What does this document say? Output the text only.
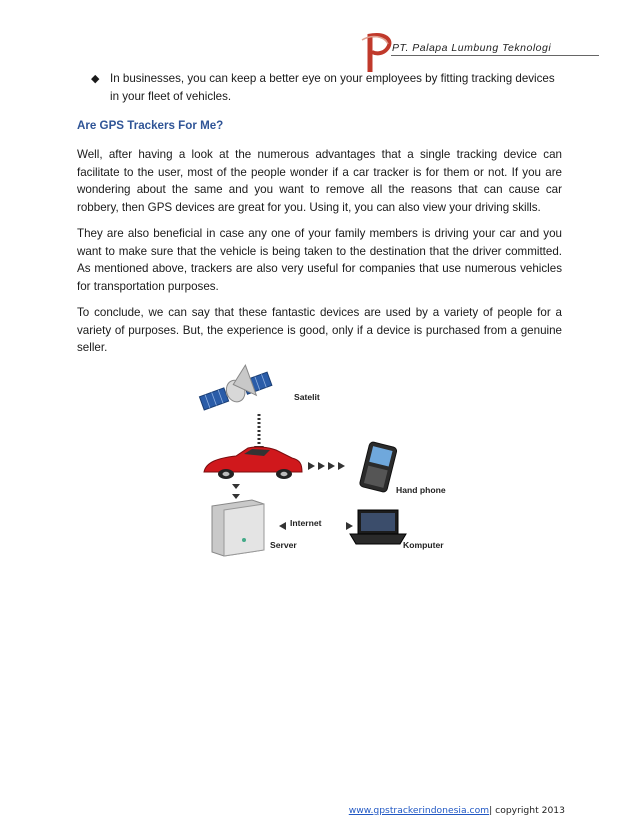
PT. Palapa Lumbung Teknologi
◆ In businesses, you can keep a better eye on your employees by fitting tracking devices in your fleet of vehicles.
Are GPS Trackers For Me?

Well, after having a look at the numerous advantages that a single tracking device can facilitate to the user, most of the people wonder if a car tracker is for them or not. If you are wondering about the same and you want to remove all the reasons that can cause car robbery, then GPS devices are great for you. Using it, you can also view your driving skills.

They are also beneficial in case any one of your family members is driving your car and you want to make sure that the vehicle is being taken to the destination that the driver committed. As mentioned above, trackers are also very useful for companies that use numerous vehicles for transportation purposes.

To conclude, we can say that these fantastic devices are used by a variety of people for a variety of purposes. But, the experience is good, only if a device is purchased from a genuine seller.

Satelit
Hand phone
Internet
Server	Komputer
www.gpstrackerindonesia.com| copyright 2013
